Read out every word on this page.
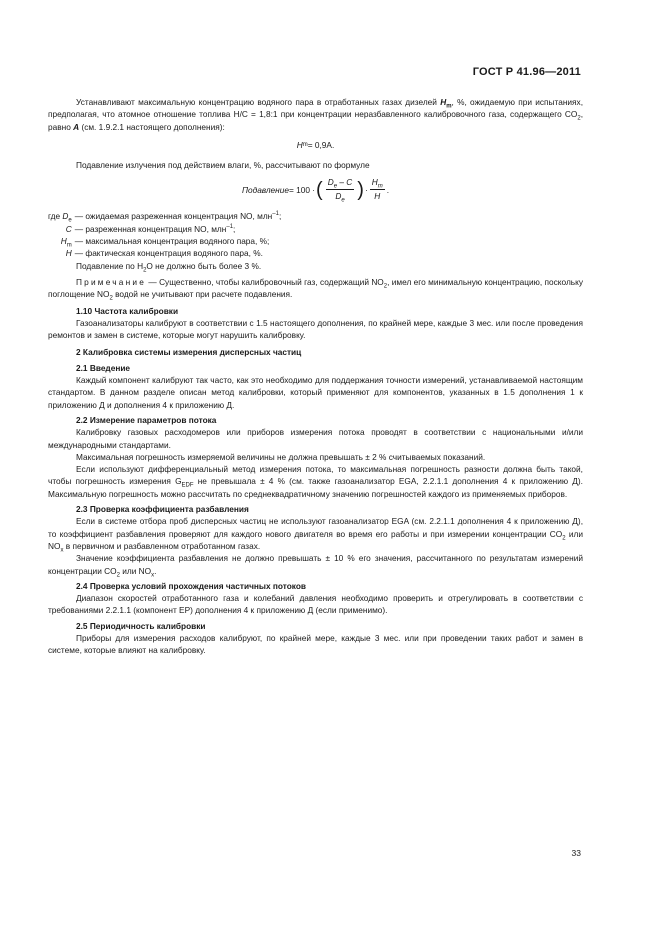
ГОСТ Р 41.96—2011

Устанавливают максимальную концентрацию водяного пара в отработанных газах дизелей $H_m$, %, ожидаемую при испытаниях, предполагая, что атомное отношение топлива H/C = 1,8:1 при концентрации неразбавленного калибровочного газа, содержащего $CO_2$, равно A (см. 1.9.2.1 настоящего дополнения):

H m = 0,9A.

Подавление излучения под действием влаги, %, рассчитывают по формуле

Подавление = 100 · ( $\frac{D_e - C}{D_e}$ ) · $\frac{H_m}{H}$ .
где $D_e$	— ожидаемая разреженная концентрация NO, млн$^{-1}$;
C	— разреженная концентрация NO, млн$^{-1}$;
$H_m$	— максимальная концентрация водяного пара, %;
H	— фактическая концентрация водяного пара, %.

Подавление по $H_2O$ не должно быть более 3 %.

Примечание — Существенно, чтобы калибровочный газ, содержащий $NO_2$, имел его минимальную концентрацию, поскольку поглощение $NO_2$ водой не учитывают при расчете подавления.

1.10 Частота калибровки

Газоанализаторы калибруют в соответствии с 1.5 настоящего дополнения, по крайней мере, каждые 3 мес. или после проведения ремонтов и замен в системе, которые могут нарушить калибровку.

2 Калибровка системы измерения дисперсных частиц

2.1 Введение

Каждый компонент калибруют так часто, как это необходимо для поддержания точности измерений, устанавливаемой настоящим стандартом. В данном разделе описан метод калибровки, который применяют для компонентов, указанных в 1.5 дополнения 1 к приложению Д и дополнения 4 к приложению Д.

2.2 Измерение параметров потока

Калибровку газовых расходомеров или приборов измерения потока проводят в соответствии с национальными и/или международными стандартами.

Максимальная погрешность измеряемой величины не должна превышать ± 2 % считываемых показаний.

Если используют дифференциальный метод измерения потока, то максимальная погрешность разности должна быть такой, чтобы погрешность измерения $G_{EDF}$ не превышала ± 4 % (см. также газоанализатор EGA, 2.2.1.1 дополнения 4 к приложению Д). Максимальную погрешность можно рассчитать по среднеквадратичному значению погрешностей каждого из применяемых приборов.

2.3 Проверка коэффициента разбавления

Если в системе отбора проб дисперсных частиц не используют газоанализатор EGA (см. 2.2.1.1 дополнения 4 к приложению Д), то коэффициент разбавления проверяют для каждого нового двигателя во время его работы и при измерении концентрации $CO_2$ или $NO_x$ в первичном и разбавленном отработанном газах.

Значение коэффициента разбавления не должно превышать ± 10 % его значения, рассчитанного по результатам измерений концентрации $CO_2$ или $NO_x$.

2.4 Проверка условий прохождения частичных потоков

Диапазон скоростей отработанного газа и колебаний давления необходимо проверить и отрегулировать в соответствии с требованиями 2.2.1.1 (компонент ЕР) дополнения 4 к приложению Д (если применимо).

2.5 Периодичность калибровки

Приборы для измерения расходов калибруют, по крайней мере, каждые 3 мес. или при проведении таких работ и замен в системе, которые влияют на калибровку.

33
